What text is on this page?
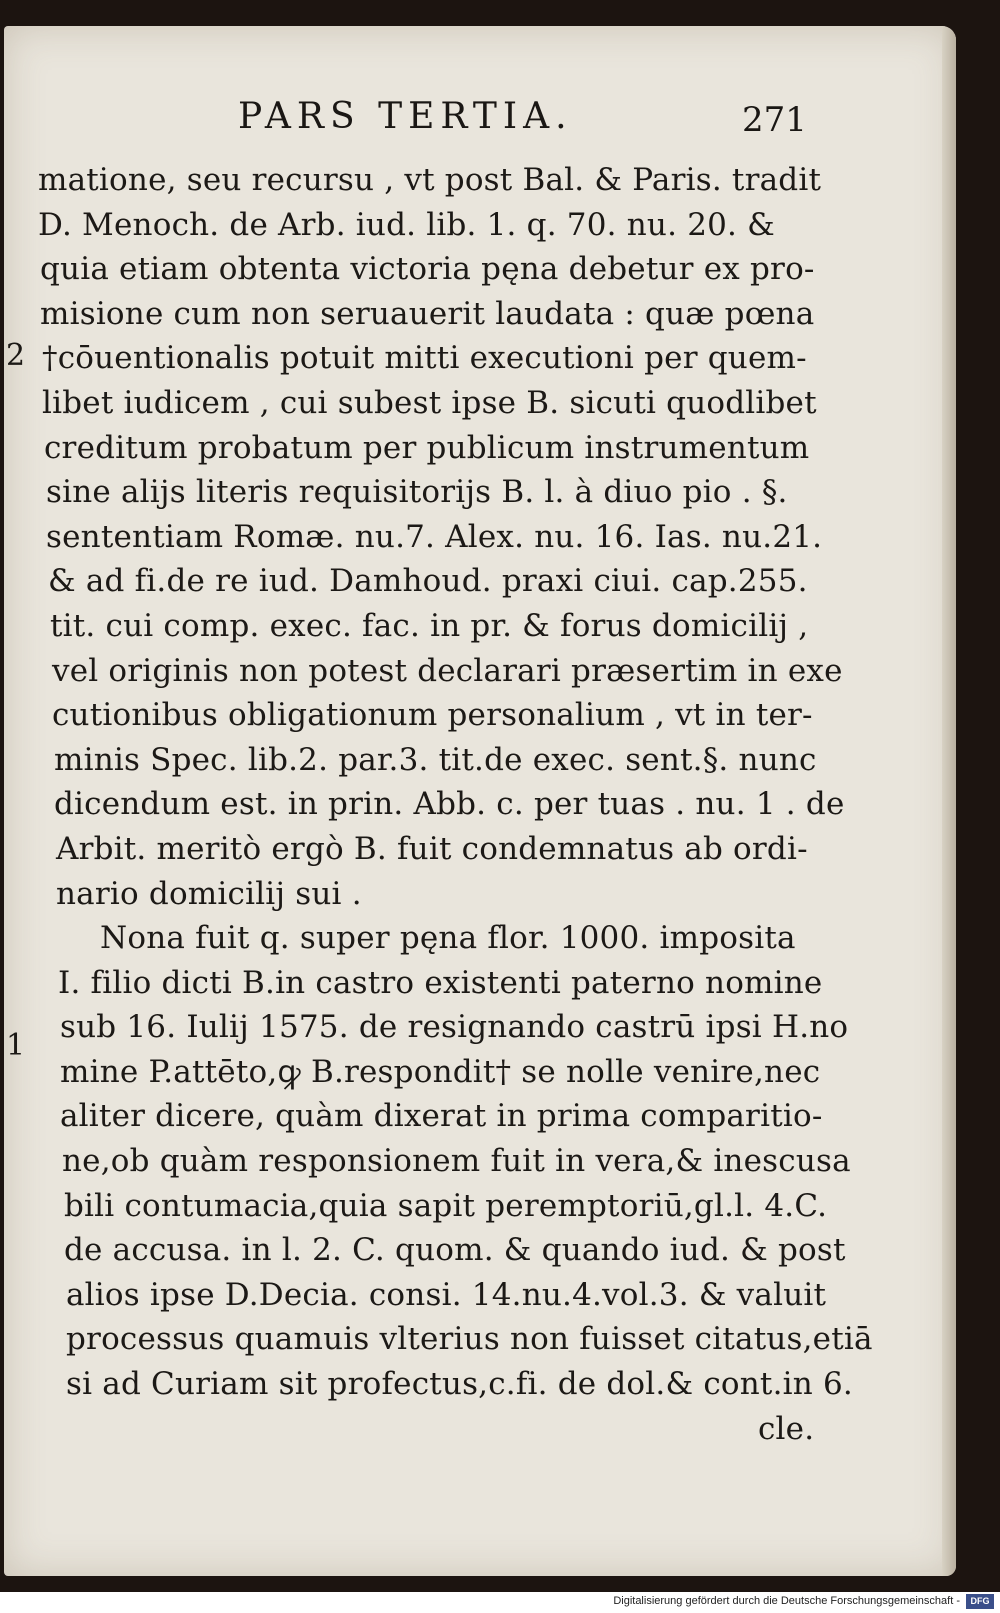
PARS TERTIA.	271
2
1
matione, seu recursu , vt post Bal. & Paris. tradit
D. Menoch. de Arb. iud. lib. 1. q. 70. nu. 20. &
quia etiam obtenta victoria pęna debetur ex pro-
misione cum non seruauerit laudata : quæ pœna
†cōuentionalis potuit mitti executioni per quem-
libet iudicem , cui subest ipse B. sicuti quodlibet
creditum probatum per publicum instrumentum
sine alijs literis requisitorijs B. l. à diuo pio . §.
sententiam Romæ. nu.7. Alex. nu. 16. Ias. nu.21.
& ad fi.de re iud. Damhoud. praxi ciui. cap.255.
tit. cui comp. exec. fac. in pr. & forus domicilij ,
vel originis non potest declarari præsertim in exe
cutionibus obligationum personalium , vt in ter-
minis Spec. lib.2. par.3. tit.de exec. sent.§. nunc
dicendum est. in prin. Abb. c. per tuas . nu. 1 . de
Arbit. meritò ergò B. fuit condemnatus ab ordi-
nario domicilij sui .
Nona fuit q. super pęna flor. 1000. imposita
I. filio dicti B.in castro existenti paterno nomine
sub 16. Iulij 1575. de resignando castrū ipsi H.no
mine P.attēto,ꝙ B.respondit† se nolle venire,nec
aliter dicere, quàm dixerat in prima comparitio-
ne,ob quàm responsionem fuit in vera,& inescusa
bili contumacia,quia sapit peremptoriū,gl.l. 4.C.
de accusa. in l. 2. C. quom. & quando iud. & post
alios ipse D.Decia. consi. 14.nu.4.vol.3. & valuit
processus quamuis vlterius non fuisset citatus,etiā
si ad Curiam sit profectus,c.fi. de dol.& cont.in 6.
cle.
Digitalisierung gefördert durch die Deutsche Forschungsgemeinschaft -	DFG
